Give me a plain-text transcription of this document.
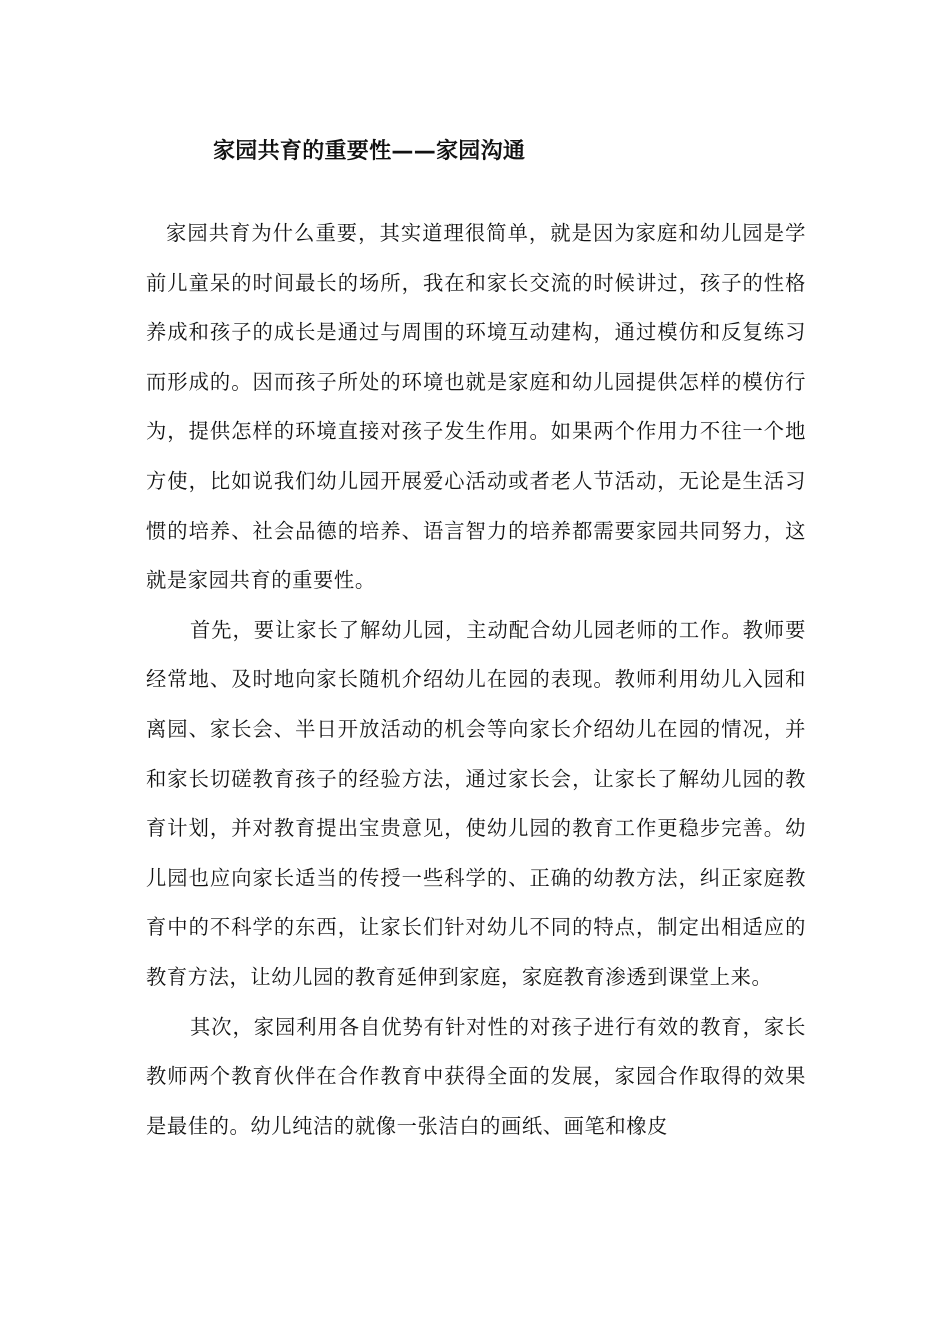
家园共育的重要性——家园沟通

家园共育为什么重要，其实道理很简单，就是因为家庭和幼儿园是学前儿童呆的时间最长的场所，我在和家长交流的时候讲过，孩子的性格养成和孩子的成长是通过与周围的环境互动建构，通过模仿和反复练习而形成的。因而孩子所处的环境也就是家庭和幼儿园提供怎样的模仿行为，提供怎样的环境直接对孩子发生作用。如果两个作用力不往一个地方使，比如说我们幼儿园开展爱心活动或者老人节活动，无论是生活习惯的培养、社会品德的培养、语言智力的培养都需要家园共同努力，这就是家园共育的重要性。

首先，要让家长了解幼儿园，主动配合幼儿园老师的工作。教师要经常地、及时地向家长随机介绍幼儿在园的表现。教师利用幼儿入园和离园、家长会、半日开放活动的机会等向家长介绍幼儿在园的情况，并和家长切磋教育孩子的经验方法，通过家长会，让家长了解幼儿园的教育计划，并对教育提出宝贵意见，使幼儿园的教育工作更稳步完善。幼儿园也应向家长适当的传授一些科学的、正确的幼教方法，纠正家庭教育中的不科学的东西，让家长们针对幼儿不同的特点，制定出相适应的教育方法，让幼儿园的教育延伸到家庭，家庭教育渗透到课堂上来。

其次，家园利用各自优势有针对性的对孩子进行有效的教育，家长教师两个教育伙伴在合作教育中获得全面的发展，家园合作取得的效果是最佳的。幼儿纯洁的就像一张洁白的画纸、画笔和橡皮
